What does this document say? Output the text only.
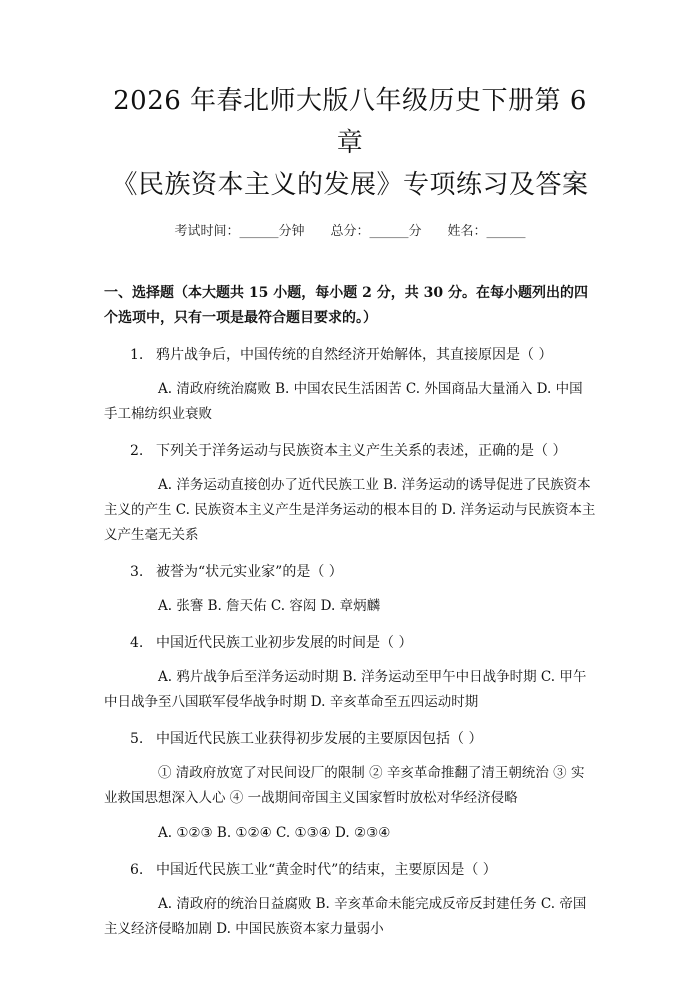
2026 年春北师大版八年级历史下册第 6 章
《民族资本主义的发展》专项练习及答案
考试时间：______分钟　　总分：______分　　姓名：______
一、选择题（本大题共 15 小题，每小题 2 分，共 30 分。在每小题列出的四个选项中，只有一项是最符合题目要求的。）
1. 鸦片战争后，中国传统的自然经济开始解体，其直接原因是（ ）
A. 清政府统治腐败 B. 中国农民生活困苦 C. 外国商品大量涌入 D. 中国手工棉纺织业衰败
2. 下列关于洋务运动与民族资本主义产生关系的表述，正确的是（ ）
A. 洋务运动直接创办了近代民族工业 B. 洋务运动的诱导促进了民族资本主义的产生 C. 民族资本主义产生是洋务运动的根本目的 D. 洋务运动与民族资本主义产生毫无关系
3. 被誉为“状元实业家”的是（ ）
A. 张謇 B. 詹天佑 C. 容闳 D. 章炳麟
4. 中国近代民族工业初步发展的时间是（ ）
A. 鸦片战争后至洋务运动时期 B. 洋务运动至甲午中日战争时期 C. 甲午中日战争至八国联军侵华战争时期 D. 辛亥革命至五四运动时期
5. 中国近代民族工业获得初步发展的主要原因包括（ ）
① 清政府放宽了对民间设厂的限制 ② 辛亥革命推翻了清王朝统治 ③ 实业救国思想深入人心 ④ 一战期间帝国主义国家暂时放松对华经济侵略
A. ①②③ B. ①②④ C. ①③④ D. ②③④
6. 中国近代民族工业“黄金时代”的结束，主要原因是（ ）
A. 清政府的统治日益腐败 B. 辛亥革命未能完成反帝反封建任务 C. 帝国主义经济侵略加剧 D. 中国民族资本家力量弱小
